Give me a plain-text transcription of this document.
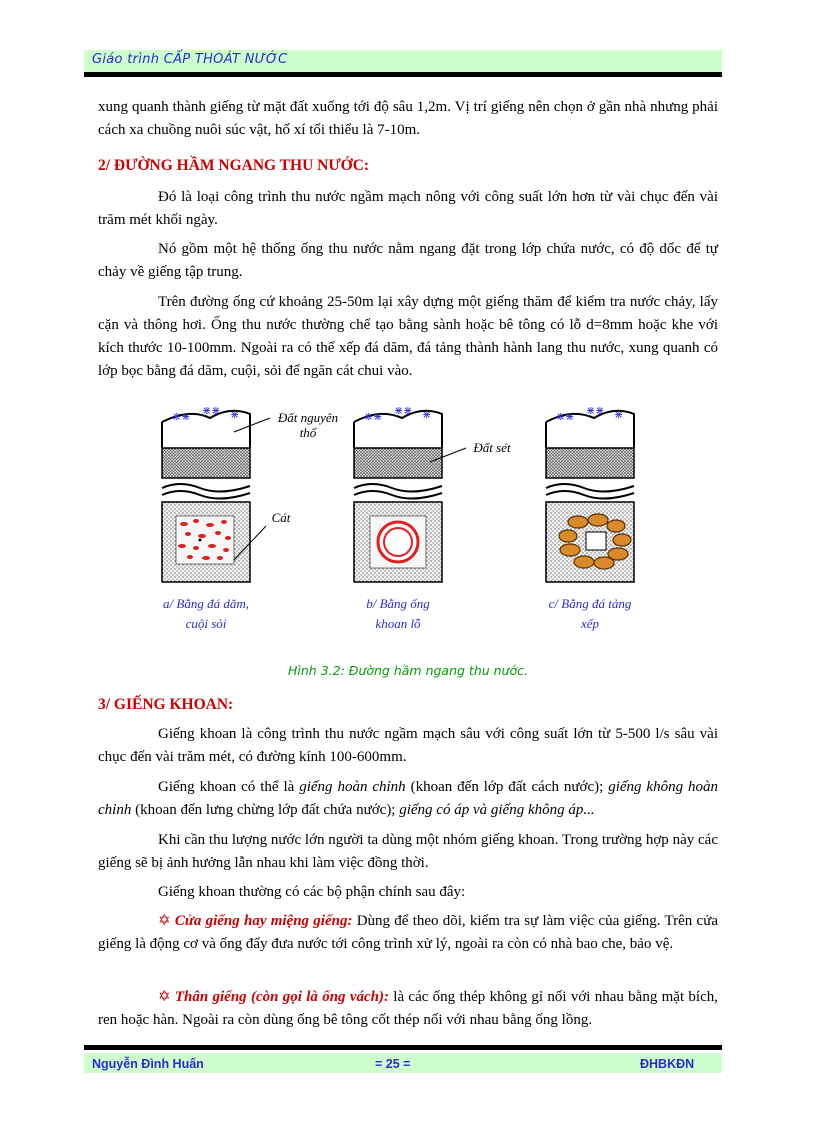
Giáo trình CẤP THOÁT NƯỚC

xung quanh thành giếng từ mặt đất xuống tới độ sâu 1,2m. Vị trí giếng nên chọn ở gần nhà nhưng phải cách xa chuồng nuôi súc vật, hố xí tối thiểu là 7-10m.

2/ ĐƯỜNG HẦM NGANG THU NƯỚC:

Đó là loại công trình thu nước ngầm mạch nông với công suất lớn hơn từ vài chục đến vài trăm mét khối ngày.

Nó gồm một hệ thống ống thu nước nằm ngang đặt trong lớp chứa nước, có độ dốc để tự chảy về giếng tập trung.

Trên đường ống cứ khoảng 25-50m lại xây dựng một giếng thăm để kiểm tra nước chảy, lấy cặn và thông hơi. Ống thu nước thường chế tạo bằng sành hoặc bê tông có lỗ d=8mm hoặc khe với kích thước 10-100mm. Ngoài ra có thể xếp đá dăm, đá tảng thành hành lang thu nước, xung quanh có lớp bọc bằng đá dăm, cuội, sỏi để ngăn cát chui vào.

⋇⋇ ⋇⋇ ⋇	⋇⋇ ⋇⋇ ⋇	⋇⋇ ⋇⋇ ⋇
Đất nguyên
thổ
Đất sét
Cát
a/ Bằng đá dăm,
cuội sỏi
b/ Bằng ống
khoan lỗ
c/ Bằng đá tảng
xếp
Hình 3.2: Đường hầm ngang thu nước.

3/ GIẾNG KHOAN:

Giếng khoan là công trình thu nước ngầm mạch sâu với công suất lớn từ 5-500 l/s sâu vài chục đến vài trăm mét, có đường kính 100-600mm.

Giếng khoan có thể là giếng hoàn chỉnh (khoan đến lớp đất cách nước); giếng không hoàn chỉnh (khoan đến lưng chừng lớp đất chứa nước); giếng có áp và giếng không áp...

Khi cần thu lượng nước lớn người ta dùng một nhóm giếng khoan. Trong trường hợp này các giếng sẽ bị ảnh hưởng lẫn nhau khi làm việc đồng thời.

Giếng khoan thường có các bộ phận chính sau đây:

✡ Cửa giếng hay miệng giếng: Dùng để theo dõi, kiểm tra sự làm việc của giếng. Trên cửa giếng là động cơ và ống đẩy đưa nước tới công trình xử lý, ngoài ra còn có nhà bao che, bảo vệ.

✡ Thân giếng (còn gọi là ống vách): là các ống thép không gỉ nối với nhau bằng mặt bích, ren hoặc hàn. Ngoài ra còn dùng ống bê tông cốt thép nối với nhau bằng ống lồng.

Nguyễn Đình Huấn	= 25 =	ĐHBKĐN
